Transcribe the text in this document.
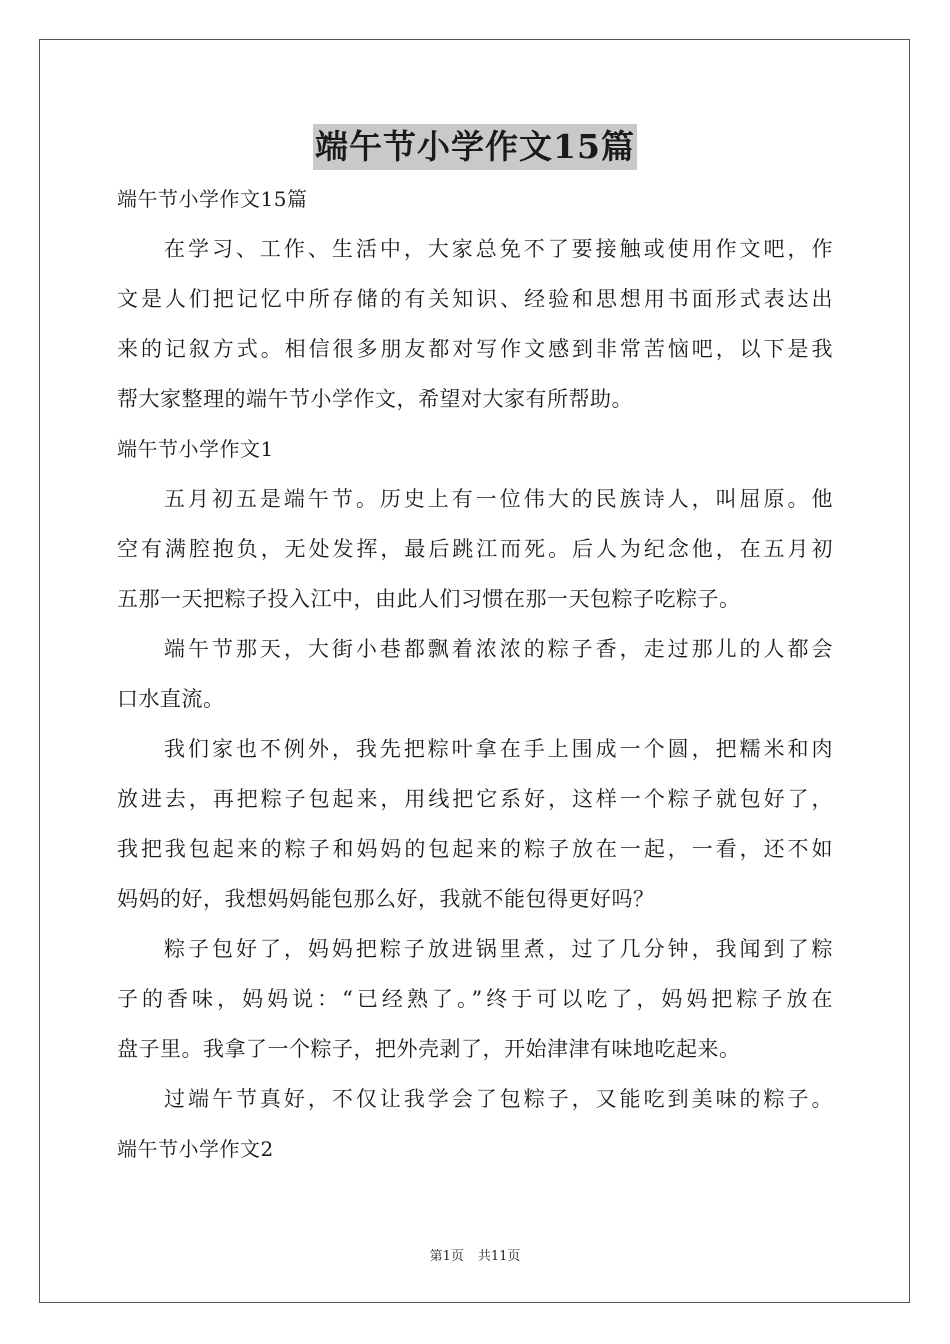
端午节小学作文15篇

端午节小学作文15篇

在学习、工作、生活中，大家总免不了要接触或使用作文吧，作

文是人们把记忆中所存储的有关知识、经验和思想用书面形式表达出

来的记叙方式。相信很多朋友都对写作文感到非常苦恼吧，以下是我

帮大家整理的端午节小学作文，希望对大家有所帮助。

端午节小学作文1

五月初五是端午节。历史上有一位伟大的民族诗人，叫屈原。他

空有满腔抱负，无处发挥，最后跳江而死。后人为纪念他，在五月初

五那一天把粽子投入江中，由此人们习惯在那一天包粽子吃粽子。

端午节那天，大街小巷都飘着浓浓的粽子香，走过那儿的人都会

口水直流。

我们家也不例外，我先把粽叶拿在手上围成一个圆，把糯米和肉

放进去，再把粽子包起来，用线把它系好，这样一个粽子就包好了，

我把我包起来的粽子和妈妈的包起来的粽子放在一起，一看，还不如

妈妈的好，我想妈妈能包那么好，我就不能包得更好吗？

粽子包好了，妈妈把粽子放进锅里煮，过了几分钟，我闻到了粽

子的香味，妈妈说：“已经熟了。”终于可以吃了，妈妈把粽子放在

盘子里。我拿了一个粽子，把外壳剥了，开始津津有味地吃起来。

过端午节真好，不仅让我学会了包粽子，又能吃到美味的粽子。

端午节小学作文2

第1页 共11页
